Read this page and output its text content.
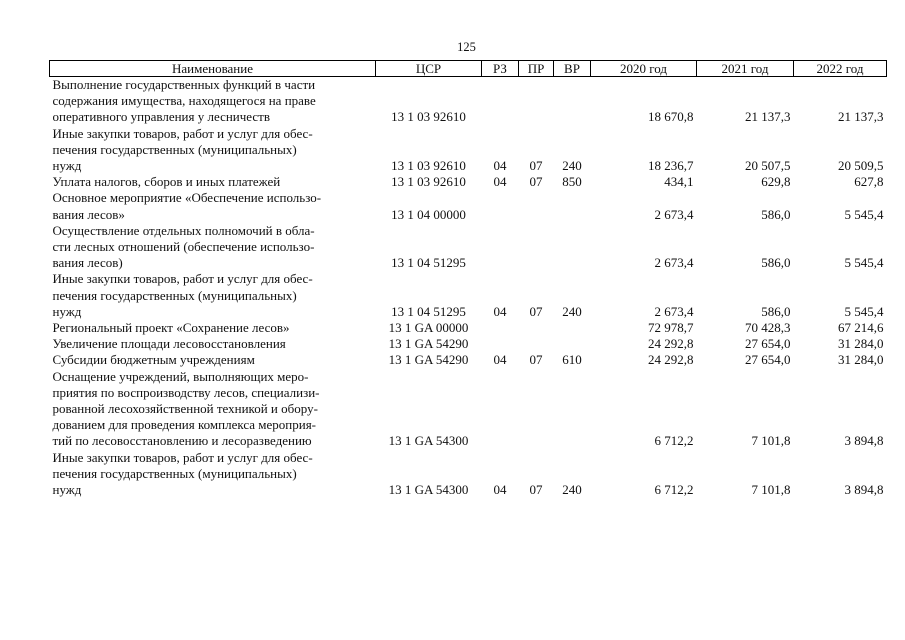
125
Наименование	ЦСР	РЗ	ПР	ВР	2020 год	2021 год	2022 год

Выполнение государственных функций в части
содержания имущества, находящегося на праве
оперативного управления у лесничеств	13 1 03 92610				18 670,8	21 137,3	21 137,3

Иные закупки товаров, работ и услуг для обес-
печения государственных (муниципальных)
нужд	13 1 03 92610	04	07	240	18 236,7	20 507,5	20 509,5

Уплата налогов, сборов и иных платежей	13 1 03 92610	04	07	850	434,1	629,8	627,8

Основное мероприятие «Обеспечение использо-
вания лесов»	13 1 04 00000				2 673,4	586,0	5 545,4

Осуществление отдельных полномочий в обла-
сти лесных отношений (обеспечение использо-
вания лесов)	13 1 04 51295				2 673,4	586,0	5 545,4

Иные закупки товаров, работ и услуг для обес-
печения государственных (муниципальных)
нужд	13 1 04 51295	04	07	240	2 673,4	586,0	5 545,4

Региональный проект «Сохранение лесов»	13 1 GA 00000				72 978,7	70 428,3	67 214,6

Увеличение площади лесовосстановления	13 1 GA 54290				24 292,8	27 654,0	31 284,0

Субсидии бюджетным учреждениям	13 1 GA 54290	04	07	610	24 292,8	27 654,0	31 284,0

Оснащение учреждений, выполняющих меро-
приятия по воспроизводству лесов, специализи-
рованной лесохозяйственной техникой и обору-
дованием для проведения комплекса мероприя-
тий по лесовосстановлению и лесоразведению	13 1 GA 54300				6 712,2	7 101,8	3 894,8

Иные закупки товаров, работ и услуг для обес-
печения государственных (муниципальных)
нужд	13 1 GA 54300	04	07	240	6 712,2	7 101,8	3 894,8
